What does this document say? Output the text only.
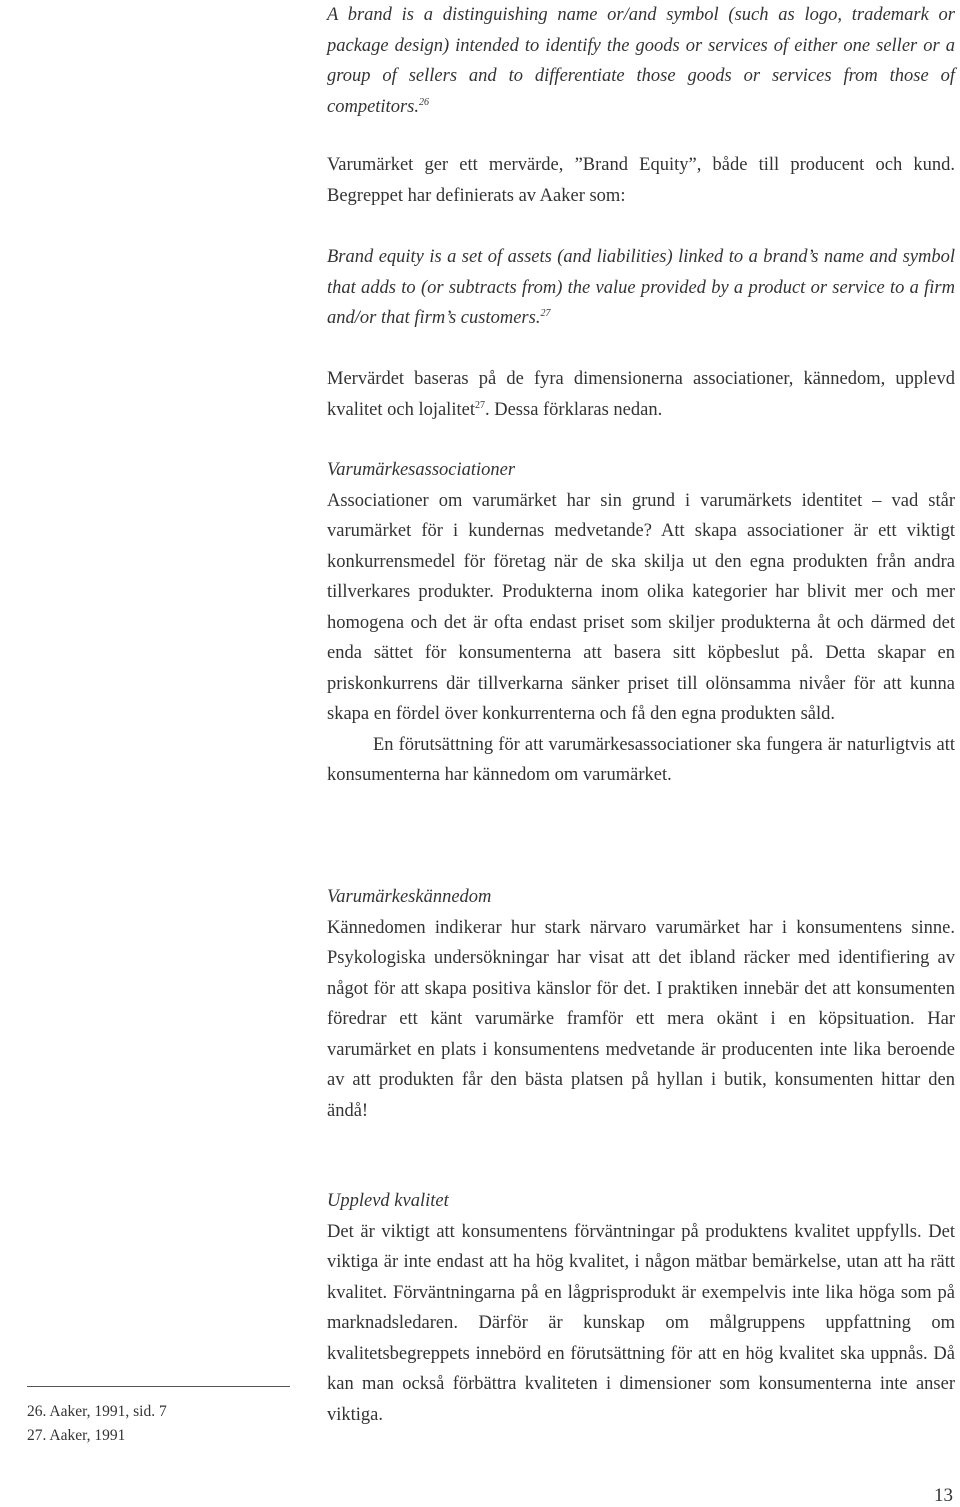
A brand is a distinguishing name or/and symbol (such as logo, trademark or package design) intended to identify the goods or services of either one seller or a group of sellers and to differentiate those goods or services from those of competitors.$^{26}$

Varumärket ger ett mervärde, ”Brand Equity”, både till producent och kund. Begreppet har definierats av Aaker som:

Brand equity is a set of assets (and liabilities) linked to a brand’s name and symbol that adds to (or subtracts from) the value provided by a product or service to a firm and/or that firm’s customers.$^{27}$

Mervärdet baseras på de fyra dimensionerna associationer, kännedom, upplevd kvalitet och lojalitet$^{27}$. Dessa förklaras nedan.

Varumärkesassociationer

Associationer om varumärket har sin grund i varumärkets identitet – vad står varumärket för i kundernas medvetande? Att skapa associationer är ett viktigt konkurrensmedel för företag när de ska skilja ut den egna produkten från andra tillverkares produkter. Produkterna inom olika kategorier har blivit mer och mer homogena och det är ofta endast priset som skiljer produkterna åt och därmed det enda sättet för konsumenterna att basera sitt köpbeslut på. Detta skapar en priskonkurrens där tillverkarna sänker priset till olönsamma nivåer för att kunna skapa en fördel över konkurrenterna och få den egna produkten såld.

En förutsättning för att varumärkesassociationer ska fungera är naturligtvis att konsumenterna har kännedom om varumärket.

Varumärkeskännedom

Kännedomen indikerar hur stark närvaro varumärket har i konsumentens sinne. Psykologiska undersökningar har visat att det ibland räcker med identifiering av något för att skapa positiva känslor för det. I praktiken innebär det att konsumenten föredrar ett känt varumärke framför ett mera okänt i en köpsituation. Har varumärket en plats i konsumentens medvetande är producenten inte lika beroende av att produkten får den bästa platsen på hyllan i butik, konsumenten hittar den ändå!

Upplevd kvalitet

Det är viktigt att konsumentens förväntningar på produktens kvalitet uppfylls. Det viktiga är inte endast att ha hög kvalitet, i någon mätbar bemärkelse, utan att ha rätt kvalitet. Förväntningarna på en lågprisprodukt är exempelvis inte lika höga som på marknadsledaren. Därför är kunskap om målgruppens uppfattning om kvalitetsbegreppets innebörd en förutsättning för att en hög kvalitet ska uppnås. Då kan man också förbättra kvaliteten i dimensioner som konsumenterna inte anser viktiga.

26. Aaker, 1991, sid. 7
27. Aaker, 1991
13
